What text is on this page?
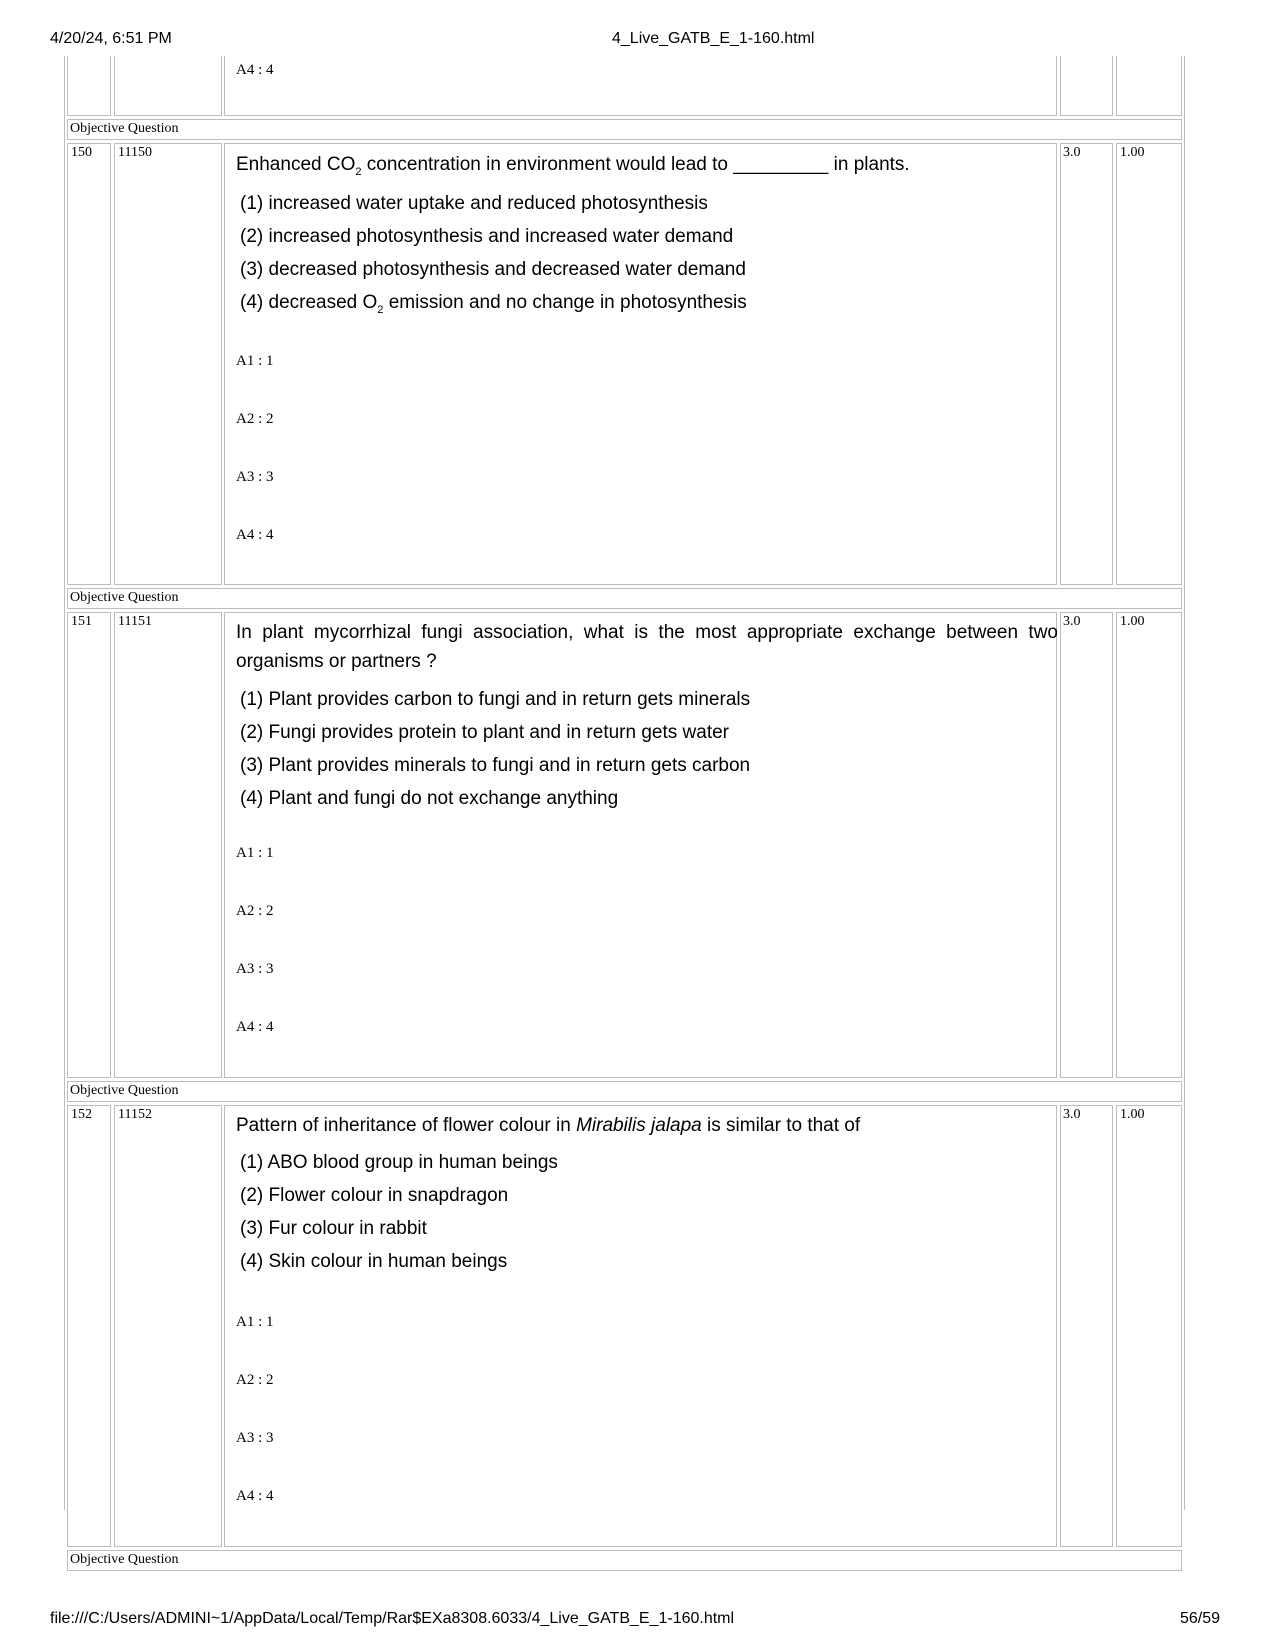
4/20/24, 6:51 PM	4_Live_GATB_E_1-160.html
A4 : 4
Objective Question
150 11150
Enhanced $CO_2$ concentration in environment would lead to _________ in plants.
(1) increased water uptake and reduced photosynthesis
(2) increased photosynthesis and increased water demand
(3) decreased photosynthesis and decreased water demand
(4) decreased $O_2$ emission and no change in photosynthesis
A1 : 1
A2 : 2
A3 : 3
A4 : 4
3.0	1.00
Objective Question
151 11151
In plant mycorrhizal fungi association, what is the most appropriate exchange between two organisms or partners ?
(1) Plant provides carbon to fungi and in return gets minerals
(2) Fungi provides protein to plant and in return gets water
(3) Plant provides minerals to fungi and in return gets carbon
(4) Plant and fungi do not exchange anything
A1 : 1
A2 : 2
A3 : 3
A4 : 4
3.0	1.00
Objective Question
152 11152
Pattern of inheritance of flower colour in Mirabilis jalapa is similar to that of
(1) ABO blood group in human beings
(2) Flower colour in snapdragon
(3) Fur colour in rabbit
(4) Skin colour in human beings
A1 : 1
A2 : 2
A3 : 3
A4 : 4
3.0	1.00
Objective Question
file:///C:/Users/ADMINI~1/AppData/Local/Temp/Rar$EXa8308.6033/4_Live_GATB_E_1-160.html	56/59
